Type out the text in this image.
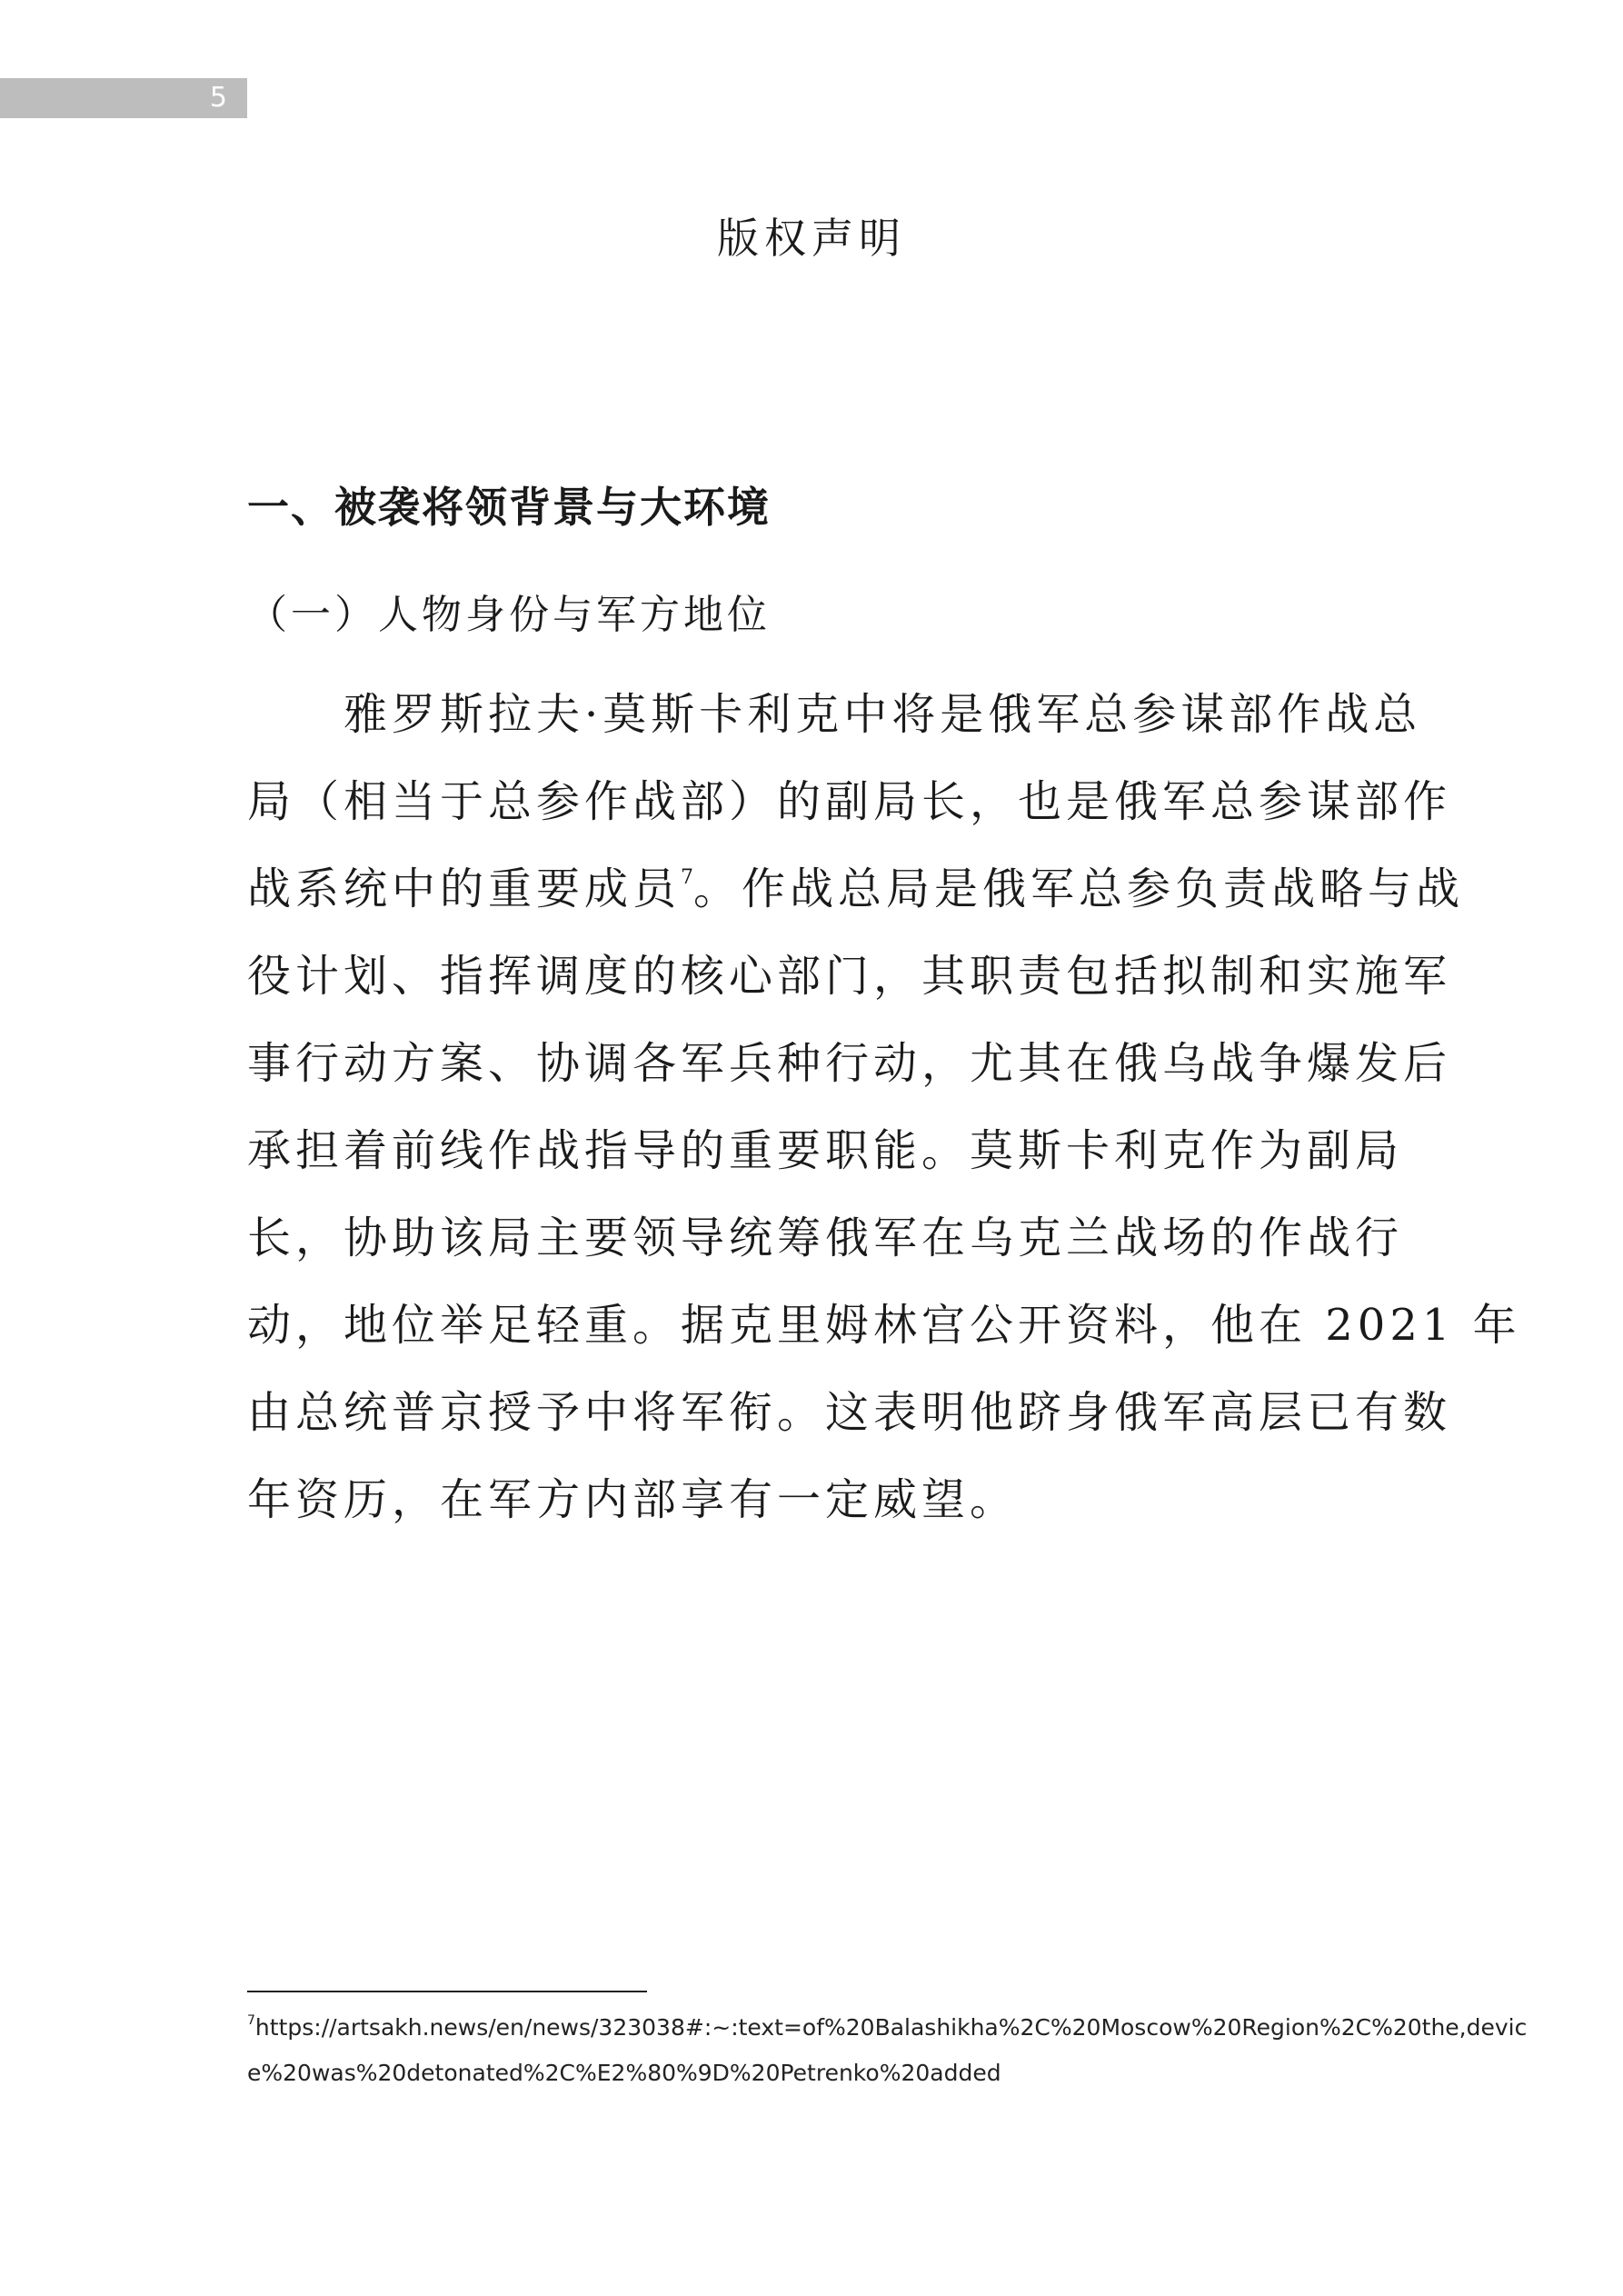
5
版权声明
一、被袭将领背景与大环境
（一）人物身份与军方地位
　　雅罗斯拉夫·莫斯卡利克中将是俄军总参谋部作战总
局（相当于总参作战部）的副局长，也是俄军总参谋部作
战系统中的重要成员$^7$。作战总局是俄军总参负责战略与战
役计划、指挥调度的核心部门，其职责包括拟制和实施军
事行动方案、协调各军兵种行动，尤其在俄乌战争爆发后
承担着前线作战指导的重要职能。莫斯卡利克作为副局
长，协助该局主要领导统筹俄军在乌克兰战场的作战行
动，地位举足轻重。据克里姆林宫公开资料，他在 2021 年
由总统普京授予中将军衔。这表明他跻身俄军高层已有数
年资历，在军方内部享有一定威望。
$^7$https://artsakh.news/en/news/323038#:~:text=of%20Balashikha%2C%20Moscow%20Region%2C%20the,devic
e%20was%20detonated%2C%E2%80%9D%20Petrenko%20added
